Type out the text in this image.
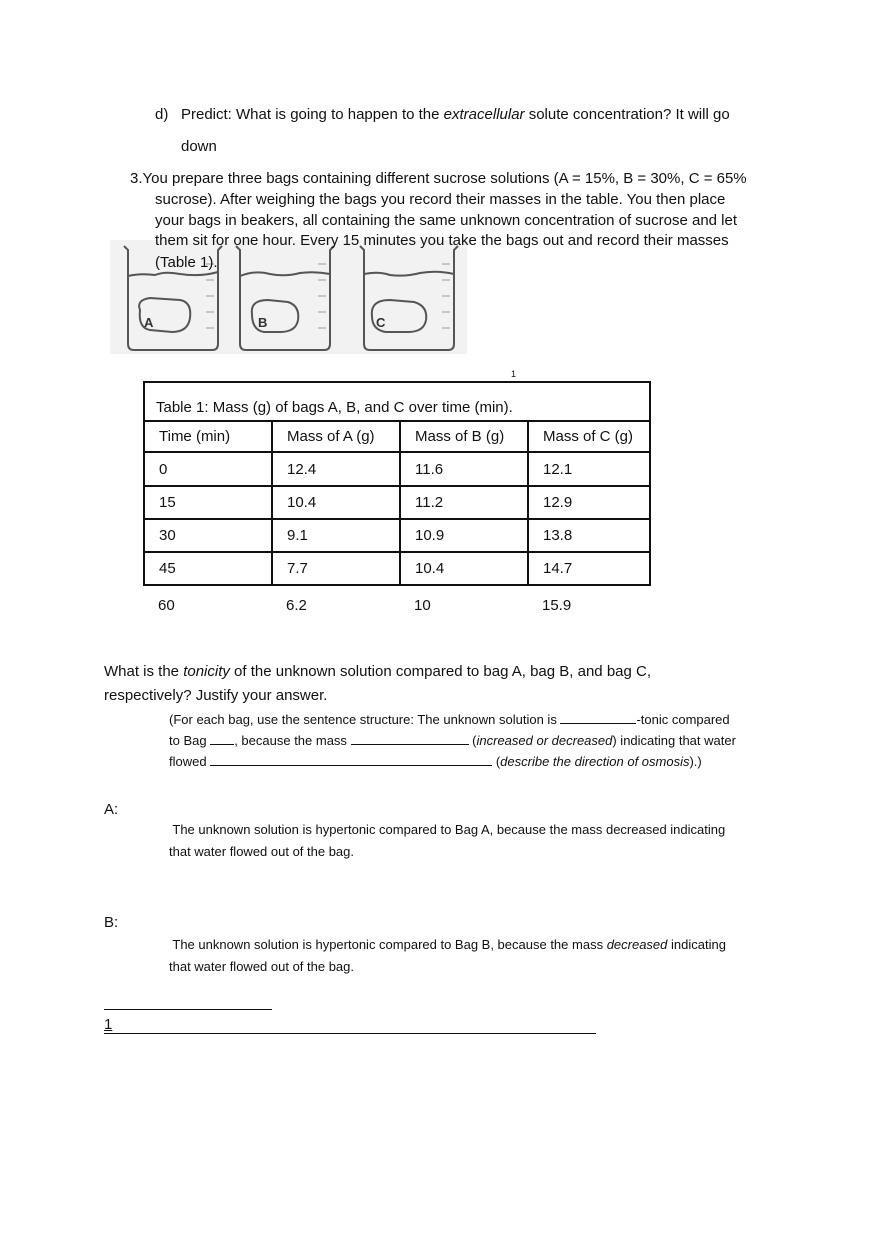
d) Predict: What is going to happen to the extracellular solute concentration? It will go
down
3.You prepare three bags containing different sucrose solutions (A = 15%, B = 30%, C = 65%
sucrose). After weighing the bags you record their masses in the table. You then place
your bags in beakers, all containing the same unknown concentration of sucrose and let
A	B	C
them sit for one hour. Every 15 minutes you take the bags out and record their masses
(Table 1).
1
Table 1: Mass (g) of bags A, B, and C over time (min).			
Time (min)	Mass of A (g)	Mass of B (g)	Mass of C (g)
0	12.4	11.6	12.1
15	10.4	11.2	12.9
30	9.1	10.9	13.8
45	7.7	10.4	14.7
60	6.2	10	15.9
What is the tonicity of the unknown solution compared to bag A, bag B, and bag C,
respectively? Justify your answer.
(For each bag, use the sentence structure: The unknown solution is	-tonic compared
to Bag , because the mass	(increased or decreased) indicating that water
flowed	(describe the direction of osmosis).)
A:
The unknown solution is hypertonic compared to Bag A, because the mass decreased indicating
that water flowed out of the bag.
B:
The unknown solution is hypertonic compared to Bag B, because the mass decreased indicating
that water flowed out of the bag.
1
